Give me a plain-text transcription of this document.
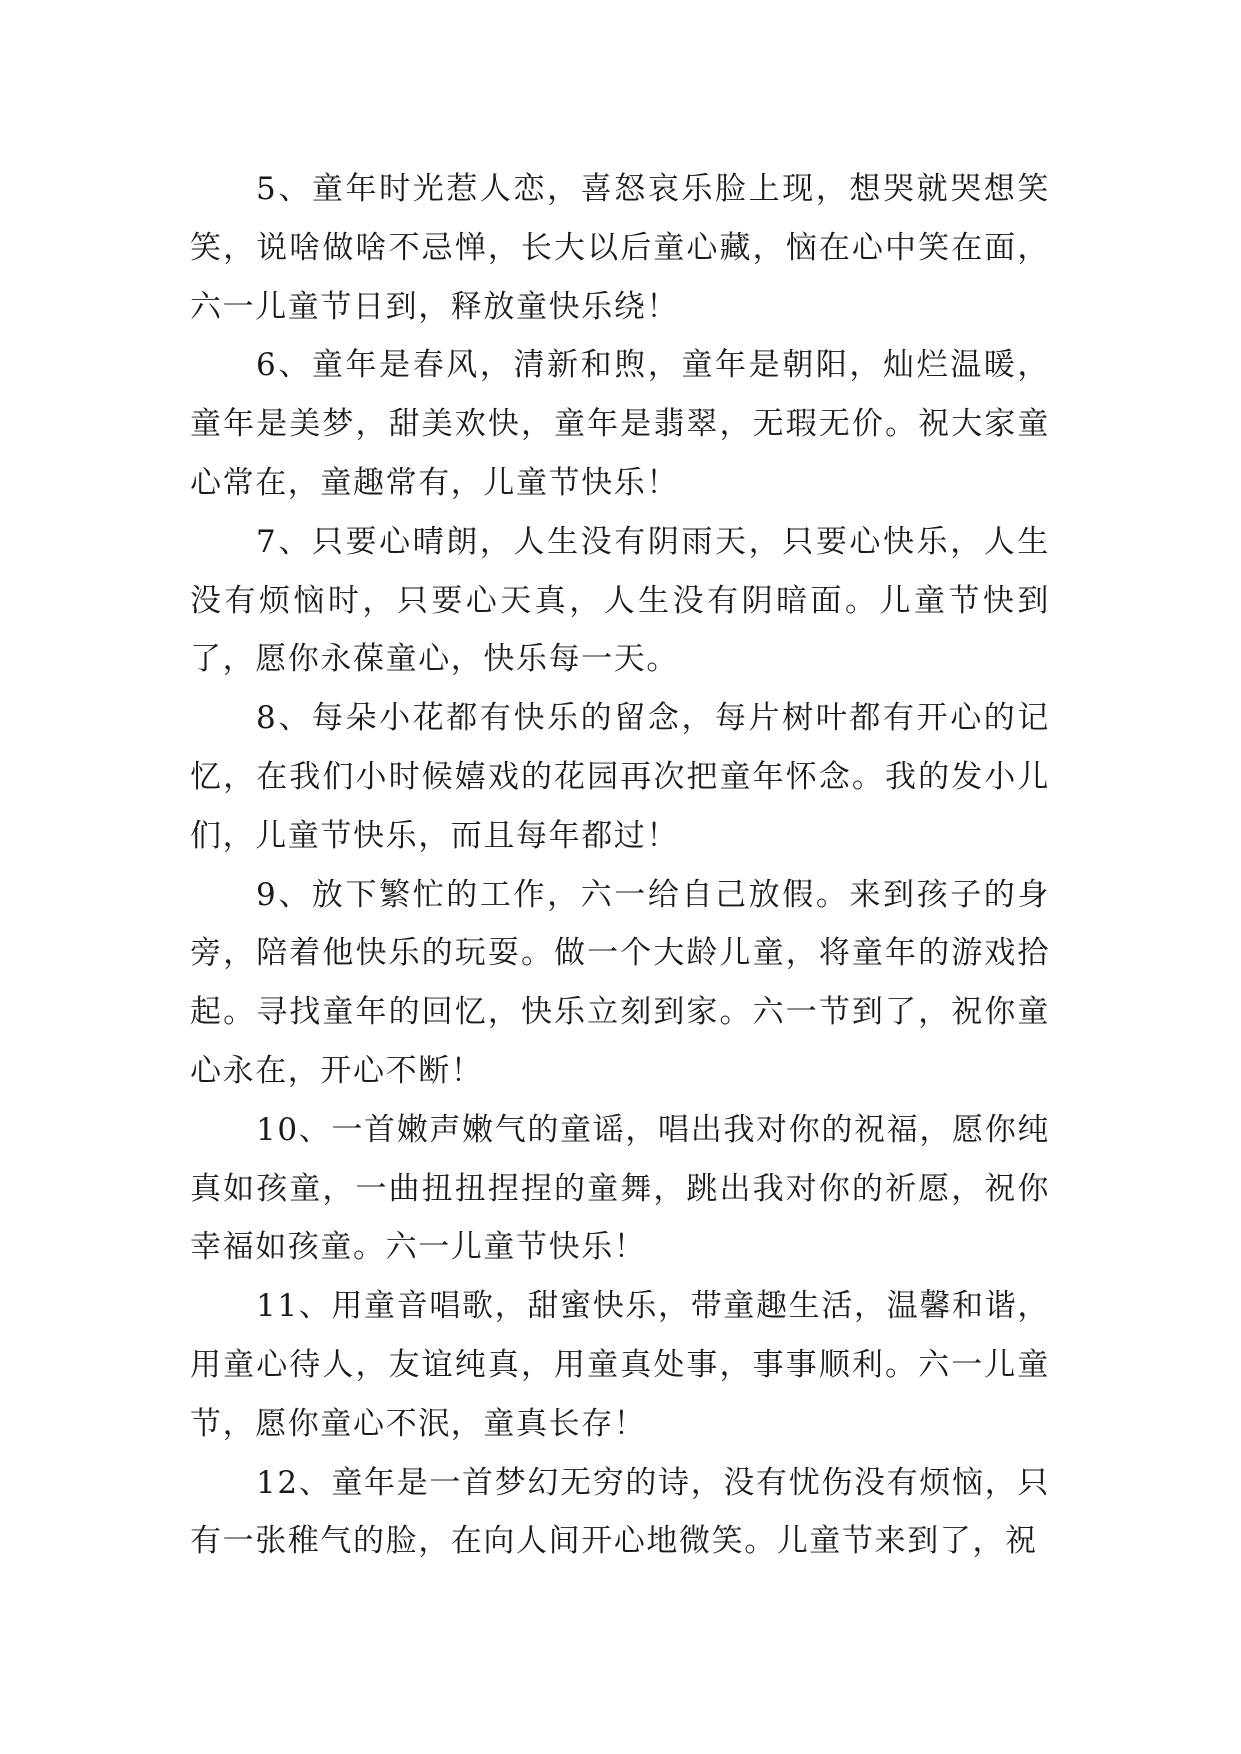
5、童年时光惹人恋，喜怒哀乐脸上现，想哭就哭想笑笑，说啥做啥不忌惮，长大以后童心藏，恼在心中笑在面，六一儿童节日到，释放童快乐绕！

6、童年是春风，清新和煦，童年是朝阳，灿烂温暖，童年是美梦，甜美欢快，童年是翡翠，无瑕无价。祝大家童心常在，童趣常有，儿童节快乐！

7、只要心晴朗，人生没有阴雨天，只要心快乐，人生没有烦恼时，只要心天真，人生没有阴暗面。儿童节快到了，愿你永葆童心，快乐每一天。

8、每朵小花都有快乐的留念，每片树叶都有开心的记忆，在我们小时候嬉戏的花园再次把童年怀念。我的发小儿们，儿童节快乐，而且每年都过！

9、放下繁忙的工作，六一给自己放假。来到孩子的身旁，陪着他快乐的玩耍。做一个大龄儿童，将童年的游戏拾起。寻找童年的回忆，快乐立刻到家。六一节到了，祝你童心永在，开心不断！

10、一首嫩声嫩气的童谣，唱出我对你的祝福，愿你纯真如孩童，一曲扭扭捏捏的童舞，跳出我对你的祈愿，祝你幸福如孩童。六一儿童节快乐！

11、用童音唱歌，甜蜜快乐，带童趣生活，温馨和谐，用童心待人，友谊纯真，用童真处事，事事顺利。六一儿童节，愿你童心不泯，童真长存！

12、童年是一首梦幻无穷的诗，没有忧伤没有烦恼，只有一张稚气的脸，在向人间开心地微笑。儿童节来到了，祝
